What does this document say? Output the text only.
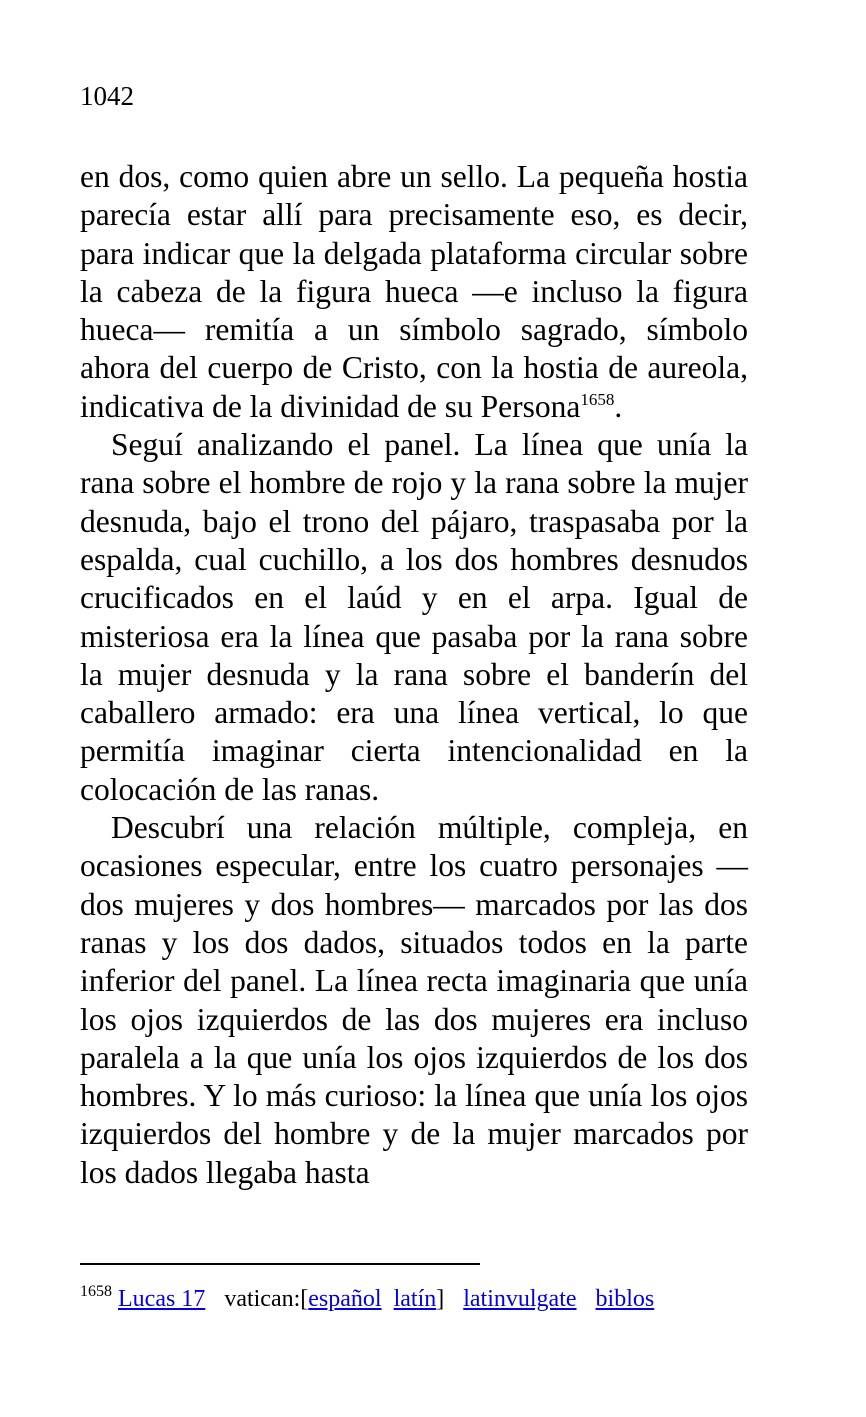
1042

en dos, como quien abre un sello. La pequeña hostia parecía estar allí para precisamente eso, es decir, para indicar que la delgada plataforma circular sobre la cabeza de la figura hueca —e incluso la figura hueca— remitía a un símbolo sagrado, símbolo ahora del cuerpo de Cristo, con la hostia de aureola, indicativa de la divinidad de su Persona$^{1658}$.

Seguí analizando el panel. La línea que unía la rana sobre el hombre de rojo y la rana sobre la mujer desnuda, bajo el trono del pájaro, traspasaba por la espalda, cual cuchillo, a los dos hombres desnudos crucificados en el laúd y en el arpa. Igual de misteriosa era la línea que pasaba por la rana sobre la mujer desnuda y la rana sobre el banderín del caballero armado: era una línea vertical, lo que permitía imaginar cierta intencionalidad en la colocación de las ranas.

Descubrí una relación múltiple, compleja, en ocasiones especular, entre los cuatro personajes —dos mujeres y dos hombres— marcados por las dos ranas y los dos dados, situados todos en la parte inferior del panel. La línea recta imaginaria que unía los ojos izquierdos de las dos mujeres era incluso paralela a la que unía los ojos izquierdos de los dos hombres. Y lo más curioso: la línea que unía los ojos izquierdos del hombre y de la mujer marcados por los dados llegaba hasta

$^{1658}$ Lucas 17 vatican:[español latín] latinvulgate biblos
